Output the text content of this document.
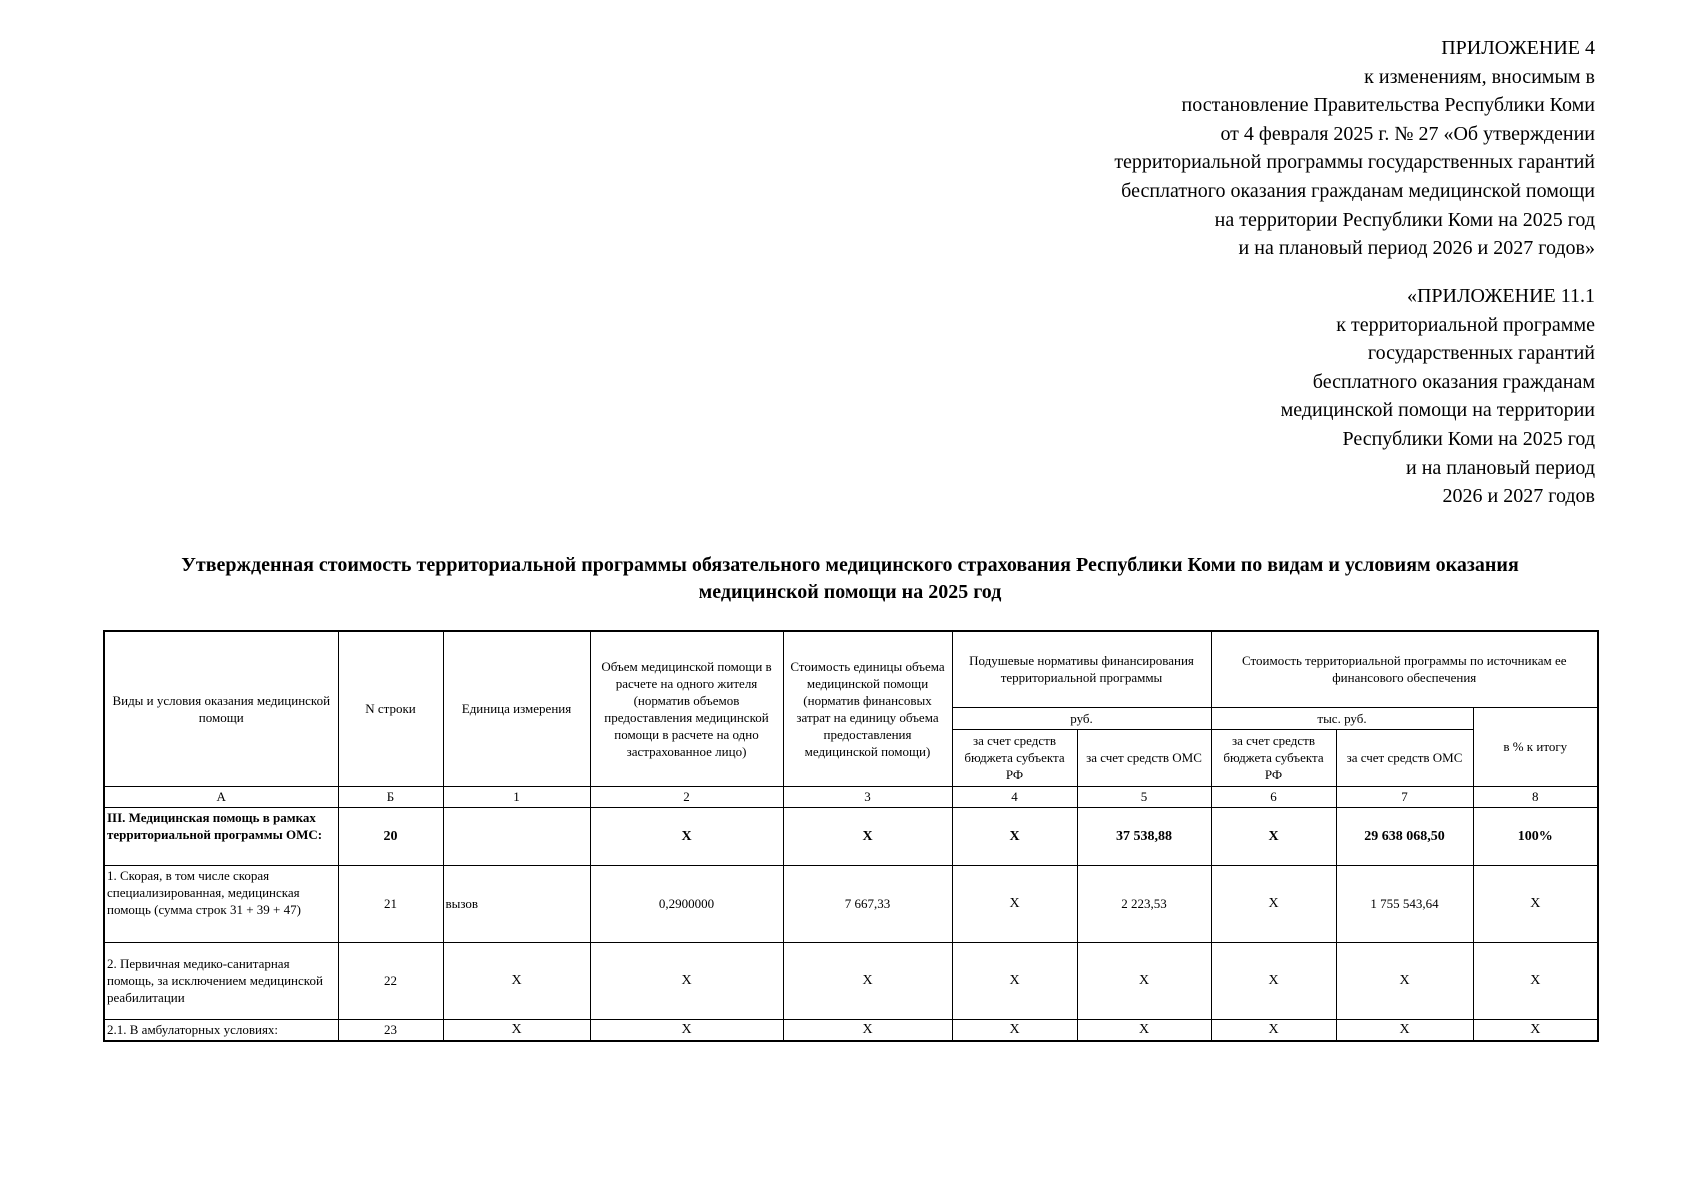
ПРИЛОЖЕНИЕ 4
к изменениям, вносимым в
постановление Правительства Республики Коми
от 4 февраля 2025 г. № 27 «Об утверждении
территориальной программы государственных гарантий
бесплатного оказания гражданам медицинской помощи
на территории Республики Коми на 2025 год
и на плановый период 2026 и 2027 годов»
«ПРИЛОЖЕНИЕ 11.1
к территориальной программе
государственных гарантий
бесплатного оказания гражданам
медицинской помощи на территории
Республики Коми на 2025 год
и на плановый период
2026 и 2027 годов
Утвержденная стоимость территориальной программы обязательного медицинского страхования Республики Коми по видам и условиям оказания
медицинской помощи на 2025 год
Виды и условия оказания медицинской помощи	N строки	Единица измерения	Объем медицинской помощи в расчете на одного жителя (норматив объемов предоставления медицинской помощи в расчете на одно застрахованное лицо)	Стоимость единицы объема медицинской помощи (норматив финансовых затрат на единицу объема предоставления медицинской помощи)	Подушевые нормативы финансирования территориальной программы		Стоимость территориальной программы по источникам ее финансового обеспечения		
					руб.		тыс. руб.		в % к итогу
					за счет средств бюджета субъекта РФ	за счет средств ОМС	за счет средств бюджета субъекта РФ	за счет средств ОМС	
А	Б	1	2	3	4	5	6	7	8
III. Медицинская помощь в рамках территориальной программы ОМС:	20		X	X	X	37 538,88	X	29 638 068,50	100%
1. Скорая, в том числе скорая специализированная, медицинская помощь (сумма строк 31 + 39 + 47)	21	вызов	0,2900000	7 667,33	X	2 223,53	X	1 755 543,64	X
2. Первичная медико-санитарная помощь, за исключением медицинской реабилитации	22	X	X	X	X	X	X	X	X
2.1. В амбулаторных условиях:	23	X	X	X	X	X	X	X	X
